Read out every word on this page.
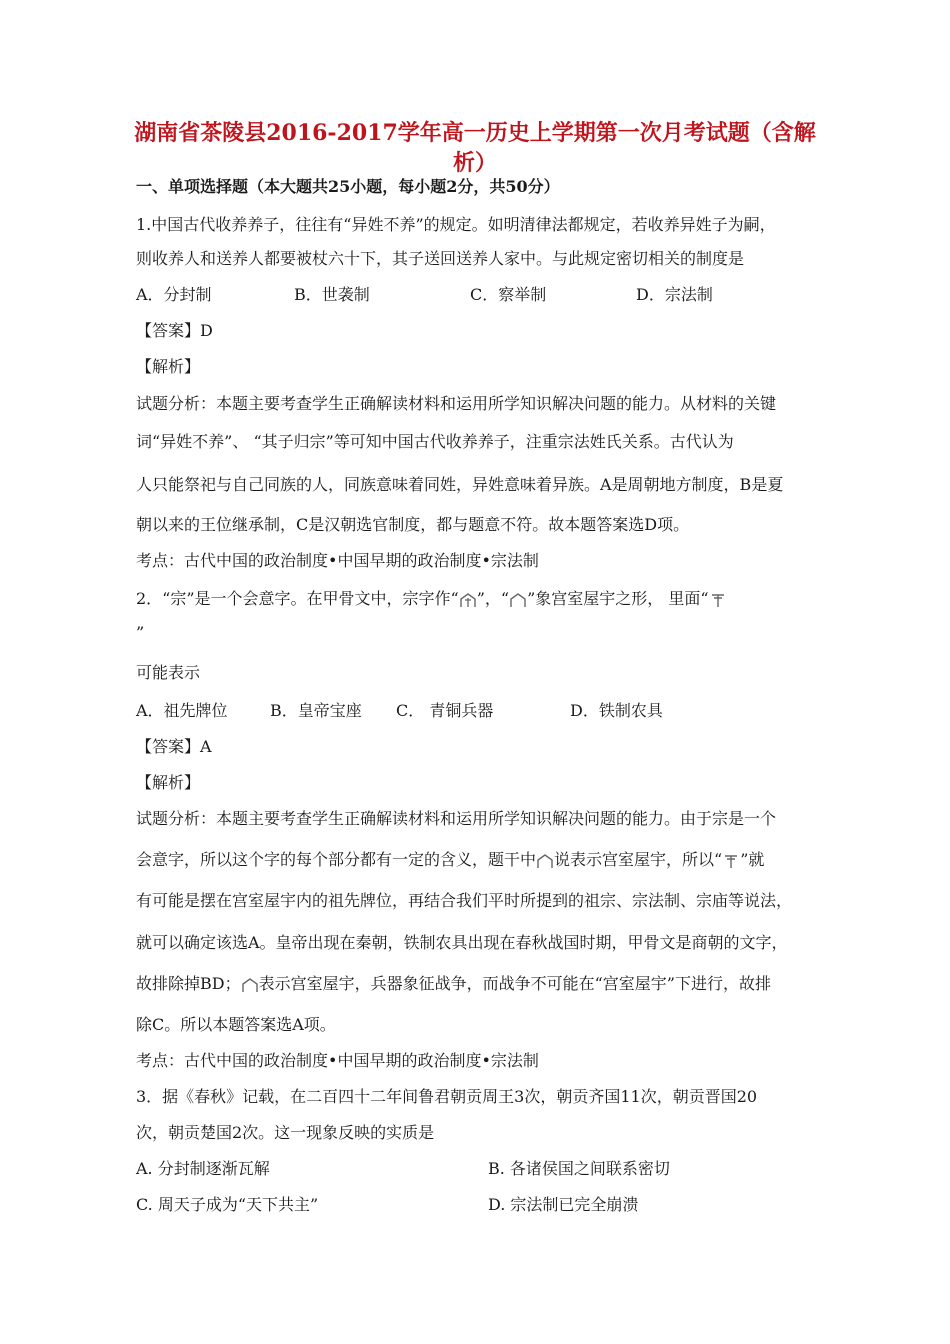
湖南省茶陵县2016-2017学年高一历史上学期第一次月考试题（含解析）
一、单项选择题（本大题共25小题，每小题2分，共50分）
1.中国古代收养养子，往往有“异姓不养”的规定。如明清律法都规定，若收养异姓子为嗣，
则收养人和送养人都要被杖六十下，其子送回送养人家中。与此规定密切相关的制度是
A．分封制	B．世袭制	C．察举制	D．宗法制
【答案】D
【解析】
试题分析：本题主要考查学生正确解读材料和运用所学知识解决问题的能力。从材料的关键
词“异姓不养”、 “其子归宗”等可知中国古代收养养子，注重宗法姓氏关系。古代认为
人只能祭祀与自己同族的人，同族意味着同姓，异姓意味着异族。A是周朝地方制度，B是夏
朝以来的王位继承制，C是汉朝选官制度，都与题意不符。故本题答案选D项。
考点：古代中国的政治制度•中国早期的政治制度•宗法制
2．“宗”是一个会意字。在甲骨文中，宗字作“ ”，“ ”象宫室屋宇之形， 里面“
”
可能表示
A．祖先牌位	B．皇帝宝座 C． 青铜兵器	D．铁制农具
【答案】A
【解析】
试题分析：本题主要考查学生正确解读材料和运用所学知识解决问题的能力。由于宗是一个
会意字，所以这个字的每个部分都有一定的含义，题干中 说表示宫室屋宇，所以“ ”就
有可能是摆在宫室屋宇内的祖先牌位，再结合我们平时所提到的祖宗、宗法制、宗庙等说法，
就可以确定该选A。皇帝出现在秦朝，铁制农具出现在春秋战国时期，甲骨文是商朝的文字，
故排除掉BD； 表示宫室屋宇，兵器象征战争，而战争不可能在“宫室屋宇”下进行，故排
除C。所以本题答案选A项。
考点：古代中国的政治制度•中国早期的政治制度•宗法制
3．据《春秋》记载，在二百四十二年间鲁君朝贡周王3次，朝贡齐国11次，朝贡晋国20
次，朝贡楚国2次。这一现象反映的实质是
A. 分封制逐渐瓦解	B. 各诸侯国之间联系密切
C. 周天子成为“天下共主”	D. 宗法制已完全崩溃
